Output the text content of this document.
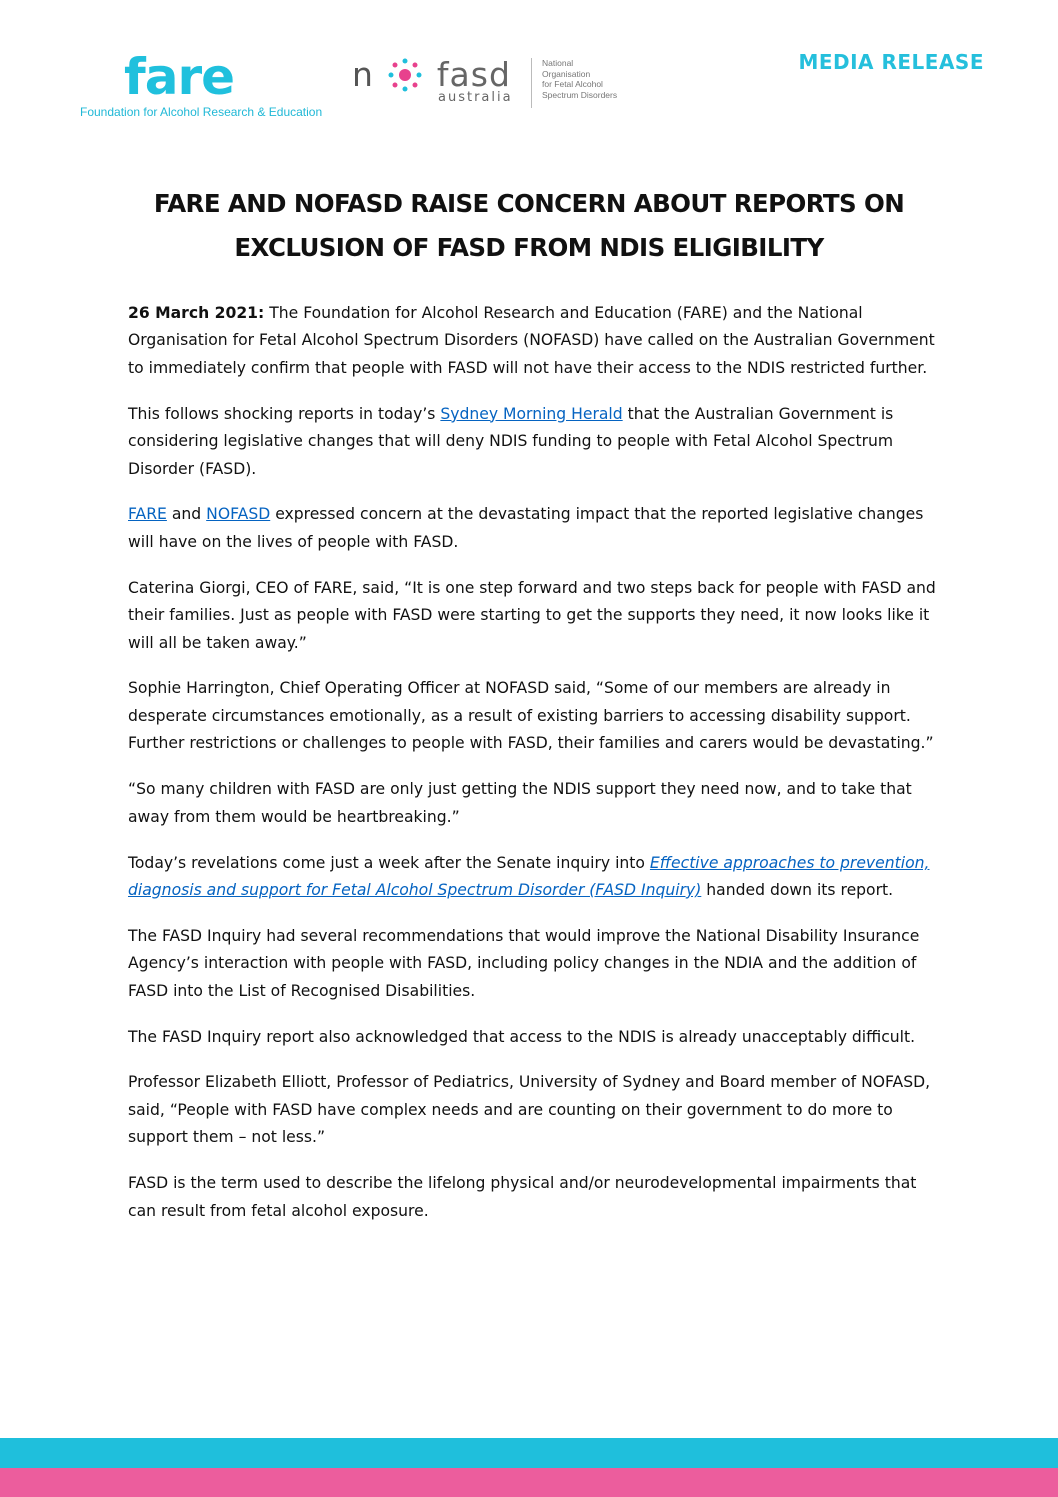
fare
Foundation for Alcohol Research & Education
n fasd
australia
National
Organisation
for Fetal Alcohol
Spectrum Disorders
MEDIA RELEASE
FARE AND NOFASD RAISE CONCERN ABOUT REPORTS ON
EXCLUSION OF FASD FROM NDIS ELIGIBILITY

26 March 2021: The Foundation for Alcohol Research and Education (FARE) and the National Organisation for Fetal Alcohol Spectrum Disorders (NOFASD) have called on the Australian Government to immediately confirm that people with FASD will not have their access to the NDIS restricted further.

This follows shocking reports in today’s Sydney Morning Herald that the Australian Government is considering legislative changes that will deny NDIS funding to people with Fetal Alcohol Spectrum Disorder (FASD).

FARE and NOFASD expressed concern at the devastating impact that the reported legislative changes will have on the lives of people with FASD.

Caterina Giorgi, CEO of FARE, said, “It is one step forward and two steps back for people with FASD and their families. Just as people with FASD were starting to get the supports they need, it now looks like it will all be taken away.”

Sophie Harrington, Chief Operating Officer at NOFASD said, “Some of our members are already in desperate circumstances emotionally, as a result of existing barriers to accessing disability support. Further restrictions or challenges to people with FASD, their families and carers would be devastating.”

“So many children with FASD are only just getting the NDIS support they need now, and to take that away from them would be heartbreaking.”

Today’s revelations come just a week after the Senate inquiry into Effective approaches to prevention, diagnosis and support for Fetal Alcohol Spectrum Disorder (FASD Inquiry) handed down its report.

The FASD Inquiry had several recommendations that would improve the National Disability Insurance Agency’s interaction with people with FASD, including policy changes in the NDIA and the addition of FASD into the List of Recognised Disabilities.

The FASD Inquiry report also acknowledged that access to the NDIS is already unacceptably difficult.

Professor Elizabeth Elliott, Professor of Pediatrics, University of Sydney and Board member of NOFASD, said, “People with FASD have complex needs and are counting on their government to do more to support them – not less.”

FASD is the term used to describe the lifelong physical and/or neurodevelopmental impairments that can result from fetal alcohol exposure.
